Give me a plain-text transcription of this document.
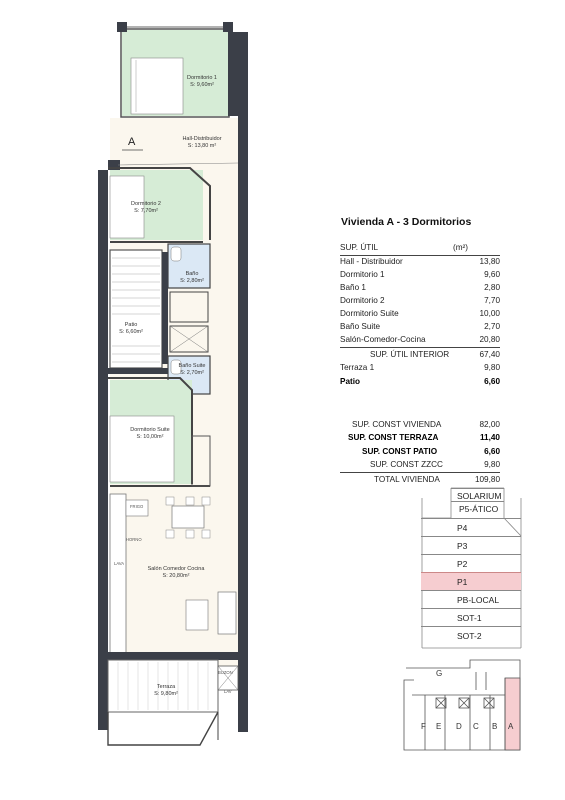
A
Dormitorio 1
S: 9,60m²
Hall-Distribuidor
S: 13,80 m²
Dormitorio 2
S: 7,70m²
Baño
S: 2,80m²
Patio
S: 6,60m²
Baño Suite
S: 2,70m²
Dormitorio Suite
S: 10,00m²
Salón Comedor Cocina
S: 20,80m²
Terraza
S: 9,80m²
FRIGO
HORNO
LAVA
BUZON
LAV
G
F E D C B A
Vivienda A - 3 Dormitorios
SUP. ÚTIL	(m²)
Hall - Distribuidor	13,80
Dormitorio 1	9,60
Baño 1	2,80
Dormitorio 2	7,70
Dormitorio Suite	10,00
Baño Suite	2,70
Salón-Comedor-Cocina	20,80
SUP. ÚTIL INTERIOR	67,40
Terraza 1	9,80
Patio	6,60
SUP. CONST VIVIENDA	82,00
SUP. CONST TERRAZA	11,40
SUP. CONST PATIO	6,60
SUP. CONST ZZCC	9,80
TOTAL VIVIENDA	109,80
SOLARIUM
P5-ÁTICO
P4
P3
P2
P1
PB-LOCAL
SOT-1
SOT-2
